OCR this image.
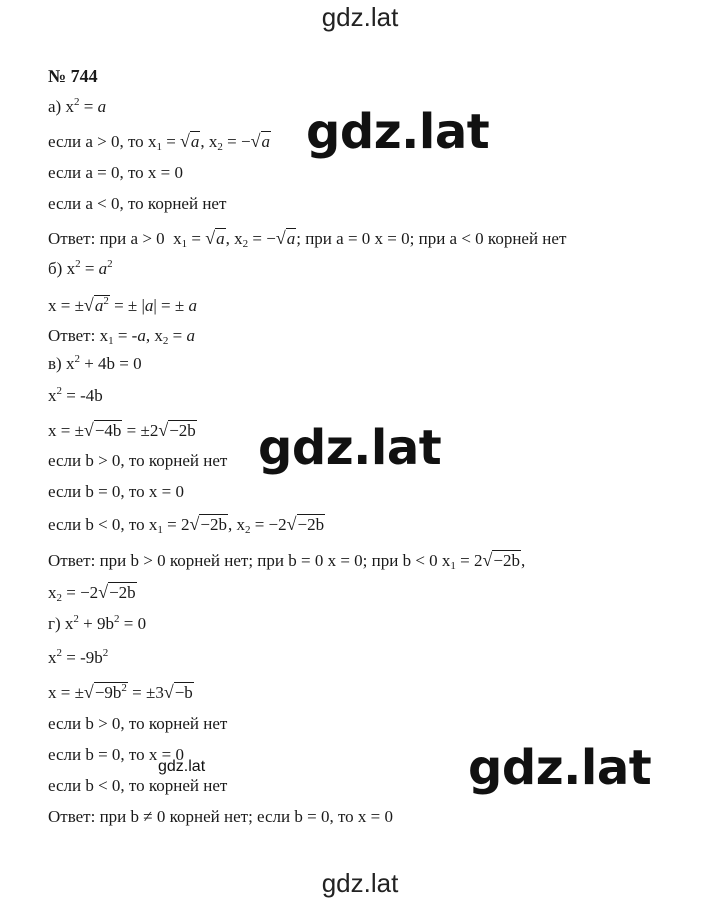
gdz.lat
№ 744
а) $x^2 = a$
если a > 0, то $x_1 = √a$, $x_2 = -√a$
если a = 0, то x = 0
если a < 0, то корней нет
Ответ: при a > 0  $x_1 = √a$, $x_2 = -√a$; при a = 0 x = 0; при a < 0 корней нет
б) $x^2 = a^2$
$x = \pm√a^2$ = ± |a| = ± a
Ответ: $x_1 = -a$, $x_2 = a$
в) $x^2 + 4b = 0$
$x^2 = -4b$
x = ±√−4b = ±2√−2b
если b > 0, то корней нет
если b = 0, то x = 0
если b < 0, то $x_1 = 2√-2b$, $x_2 = -2√-2b$
Ответ: при b > 0 корней нет; при b = 0 x = 0; при b < 0 $x_1 = 2√-2b$,
$x_2 = -2√-2b$
г) $x^2 + 9b^2 = 0$
$x^2 = -9b^2$
$x = \pm√-9b^2 = \pm 3√-b$
если b > 0, то корней нет
если b = 0, то x = 0
если b < 0, то корней нет
Ответ: при b ≠ 0 корней нет; если b = 0, то x = 0
gdz.lat
gdz.lat
gdz.lat
gdz.lat
gdz.lat
